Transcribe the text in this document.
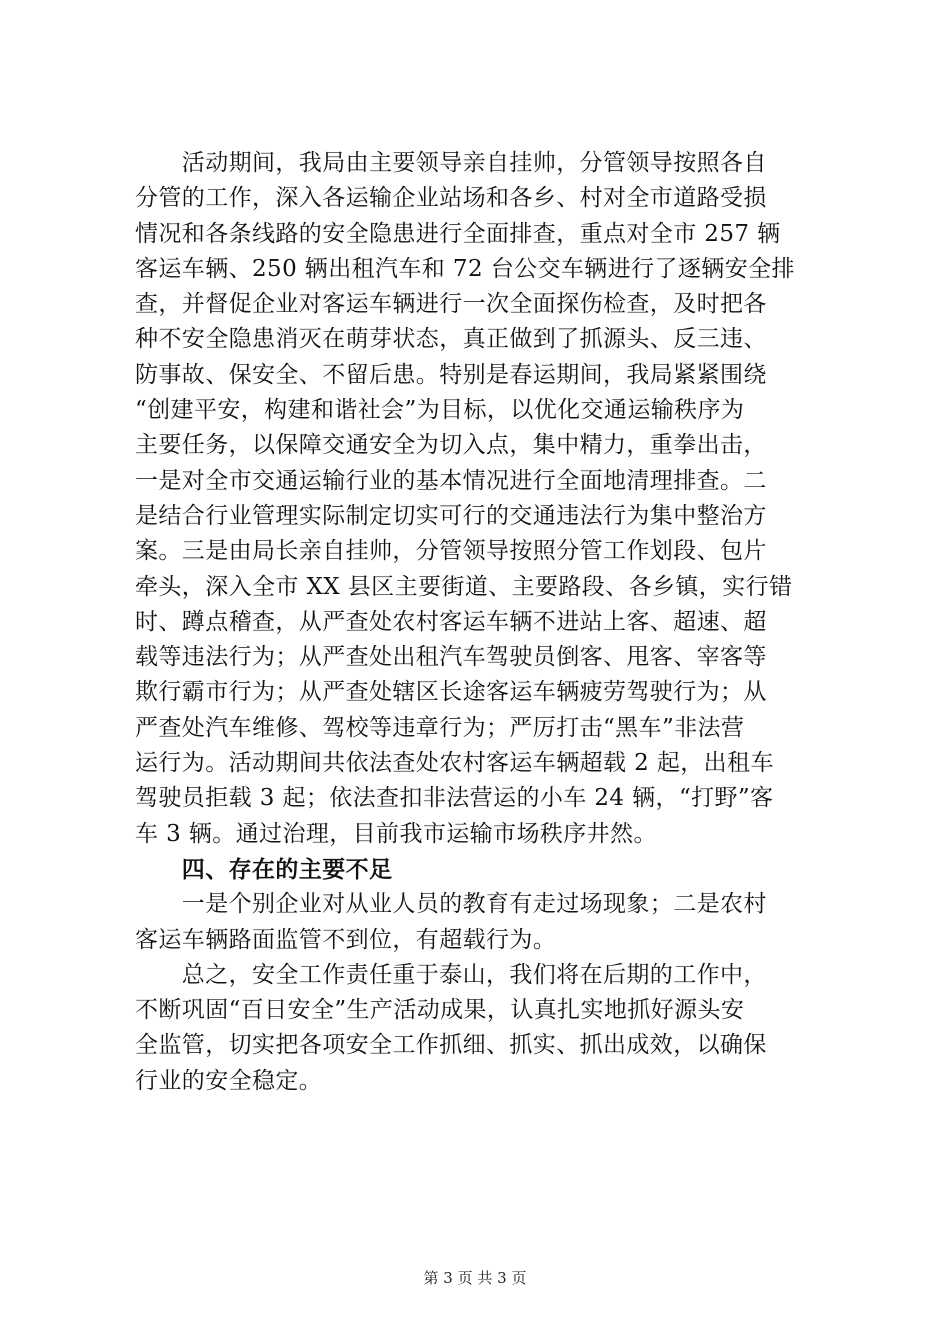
　　活动期间，我局由主要领导亲自挂帅，分管领导按照各自
分管的工作，深入各运输企业站场和各乡、村对全市道路受损
情况和各条线路的安全隐患进行全面排查，重点对全市 257 辆
客运车辆、250 辆出租汽车和 72 台公交车辆进行了逐辆安全排
查，并督促企业对客运车辆进行一次全面探伤检查，及时把各
种不安全隐患消灭在萌芽状态，真正做到了抓源头、反三违、
防事故、保安全、不留后患。特别是春运期间，我局紧紧围绕
“创建平安，构建和谐社会”为目标，以优化交通运输秩序为
主要任务，以保障交通安全为切入点，集中精力，重拳出击，
一是对全市交通运输行业的基本情况进行全面地清理排查。二
是结合行业管理实际制定切实可行的交通违法行为集中整治方
案。三是由局长亲自挂帅，分管领导按照分管工作划段、包片
牵头，深入全市 XX 县区主要街道、主要路段、各乡镇，实行错
时、蹲点稽查，从严查处农村客运车辆不进站上客、超速、超
载等违法行为；从严查处出租汽车驾驶员倒客、甩客、宰客等
欺行霸市行为；从严查处辖区长途客运车辆疲劳驾驶行为；从
严查处汽车维修、驾校等违章行为；严厉打击“黑车”非法营
运行为。活动期间共依法查处农村客运车辆超载 2 起，出租车
驾驶员拒载 3 起；依法查扣非法营运的小车 24 辆，“打野”客
车 3 辆。通过治理，目前我市运输市场秩序井然。
　　四、存在的主要不足
　　一是个别企业对从业人员的教育有走过场现象；二是农村
客运车辆路面监管不到位，有超载行为。
　　总之，安全工作责任重于泰山，我们将在后期的工作中，
不断巩固“百日安全”生产活动成果，认真扎实地抓好源头安
全监管，切实把各项安全工作抓细、抓实、抓出成效，以确保
行业的安全稳定。
第 3 页 共 3 页
